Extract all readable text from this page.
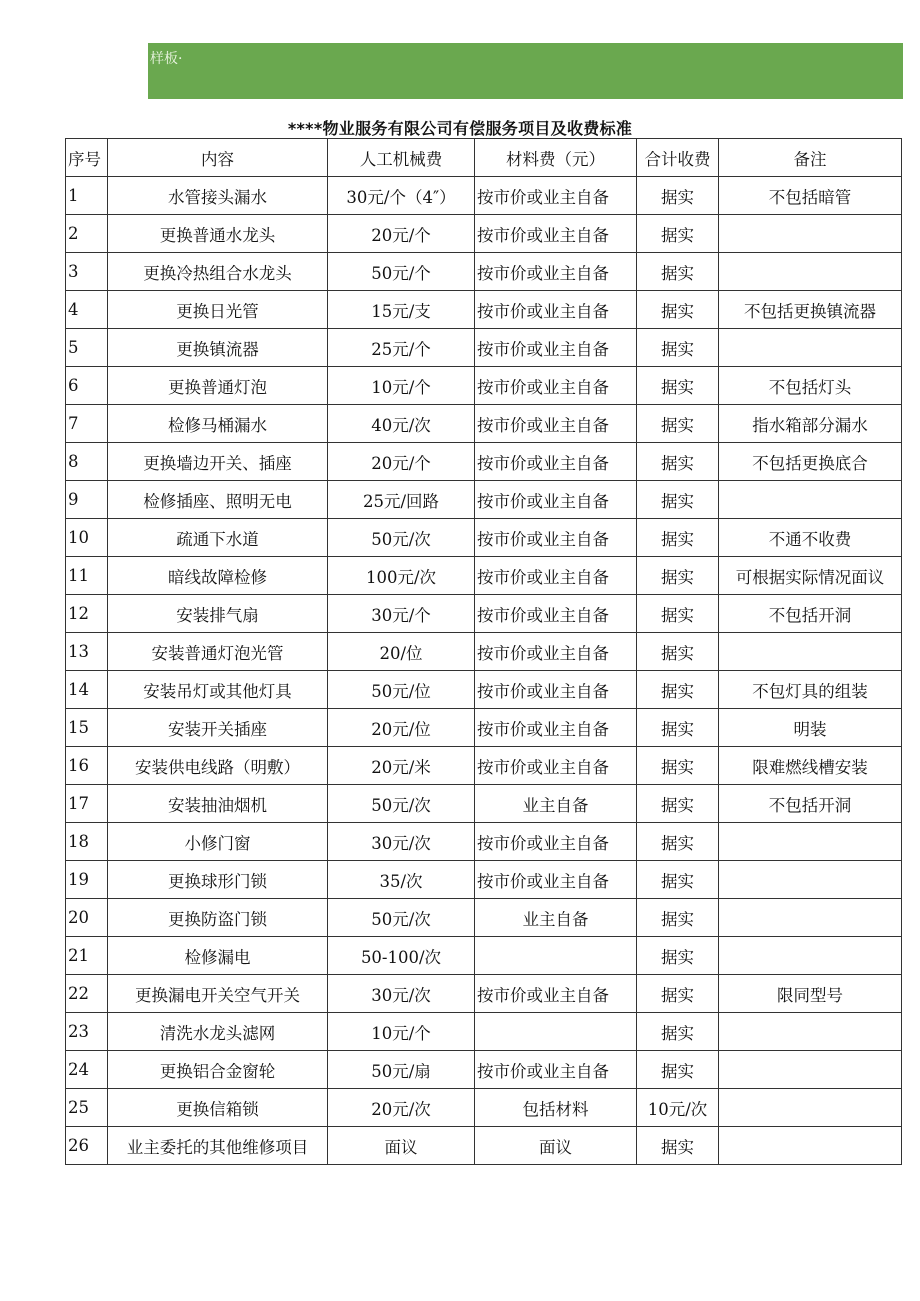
样板·
****物业服务有限公司有偿服务项目及收费标准
序号	内容	人工机械费	材料费（元）	合计收费	备注
1	水管接头漏水	30元/个（4″）	按市价或业主自备	据实	不包括暗管
2	更换普通水龙头	20元/个	按市价或业主自备	据实	
3	更换冷热组合水龙头	50元/个	按市价或业主自备	据实	
4	更换日光管	15元/支	按市价或业主自备	据实	不包括更换镇流器
5	更换镇流器	25元/个	按市价或业主自备	据实	
6	更换普通灯泡	10元/个	按市价或业主自备	据实	不包括灯头
7	检修马桶漏水	40元/次	按市价或业主自备	据实	指水箱部分漏水
8	更换墙边开关、插座	20元/个	按市价或业主自备	据实	不包括更换底合
9	检修插座、照明无电	25元/回路	按市价或业主自备	据实	
10	疏通下水道	50元/次	按市价或业主自备	据实	不通不收费
11	暗线故障检修	100元/次	按市价或业主自备	据实	可根据实际情况面议
12	安装排气扇	30元/个	按市价或业主自备	据实	不包括开洞
13	安装普通灯泡光管	20/位	按市价或业主自备	据实	
14	安装吊灯或其他灯具	50元/位	按市价或业主自备	据实	不包灯具的组装
15	安装开关插座	20元/位	按市价或业主自备	据实	明装
16	安装供电线路（明敷）	20元/米	按市价或业主自备	据实	限难燃线槽安装
17	安装抽油烟机	50元/次	业主自备	据实	不包括开洞
18	小修门窗	30元/次	按市价或业主自备	据实	
19	更换球形门锁	35/次	按市价或业主自备	据实	
20	更换防盗门锁	50元/次	业主自备	据实	
21	检修漏电	50-100/次		据实	
22	更换漏电开关空气开关	30元/次	按市价或业主自备	据实	限同型号
23	清洗水龙头滤网	10元/个		据实	
24	更换铝合金窗轮	50元/扇	按市价或业主自备	据实	
25	更换信箱锁	20元/次	包括材料	10元/次	
26	业主委托的其他维修项目	面议	面议	据实	
